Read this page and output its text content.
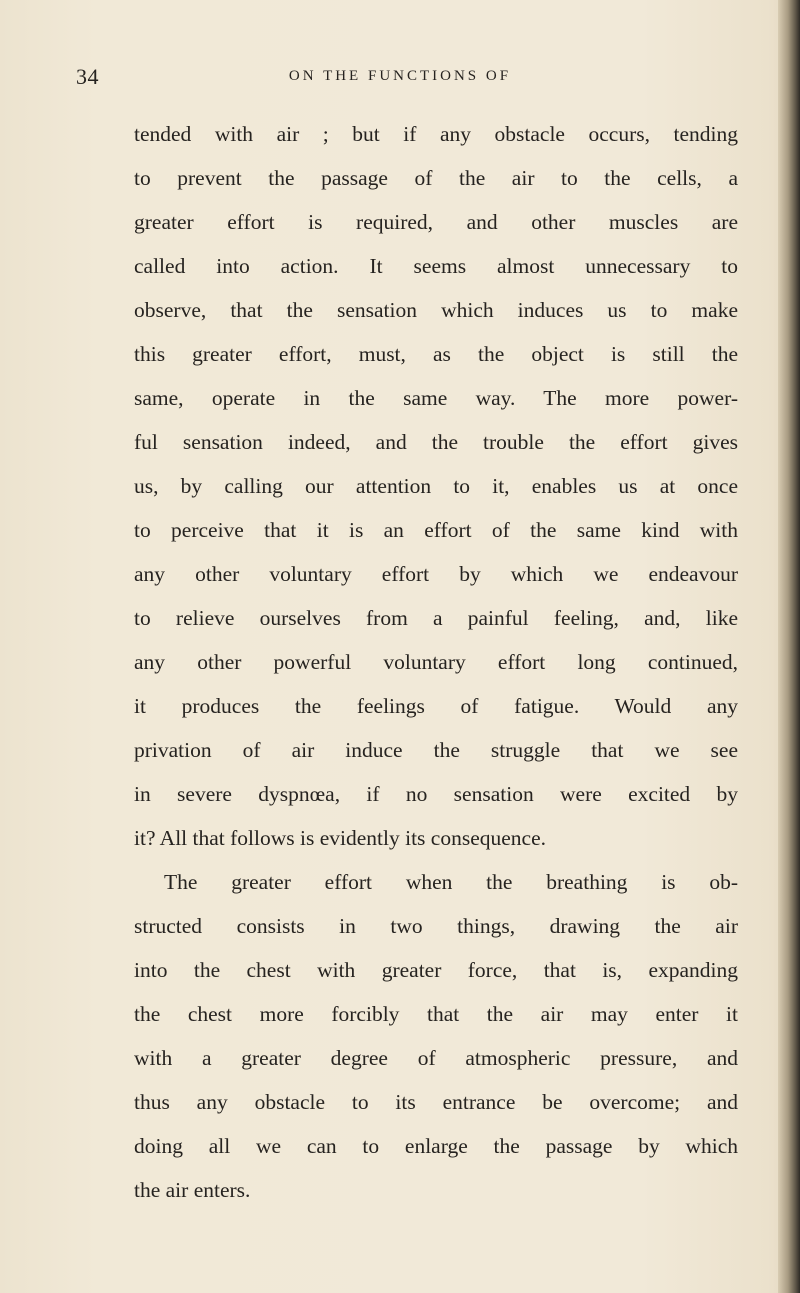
34	ON THE FUNCTIONS OF
tended with air ; but if any obstacle occurs, tending
to prevent the passage of the air to the cells, a
greater effort is required, and other muscles are
called into action. It seems almost unnecessary to
observe, that the sensation which induces us to make
this greater effort, must, as the object is still the
same, operate in the same way. The more power-
ful sensation indeed, and the trouble the effort gives
us, by calling our attention to it, enables us at once
to perceive that it is an effort of the same kind with
any other voluntary effort by which we endeavour
to relieve ourselves from a painful feeling, and, like
any other powerful voluntary effort long continued,
it produces the feelings of fatigue. Would any
privation of air induce the struggle that we see
in severe dyspnœa, if no sensation were excited by
it? All that follows is evidently its consequence.
The greater effort when the breathing is ob-
structed consists in two things, drawing the air
into the chest with greater force, that is, expanding
the chest more forcibly that the air may enter it
with a greater degree of atmospheric pressure, and
thus any obstacle to its entrance be overcome; and
doing all we can to enlarge the passage by which
the air enters.
